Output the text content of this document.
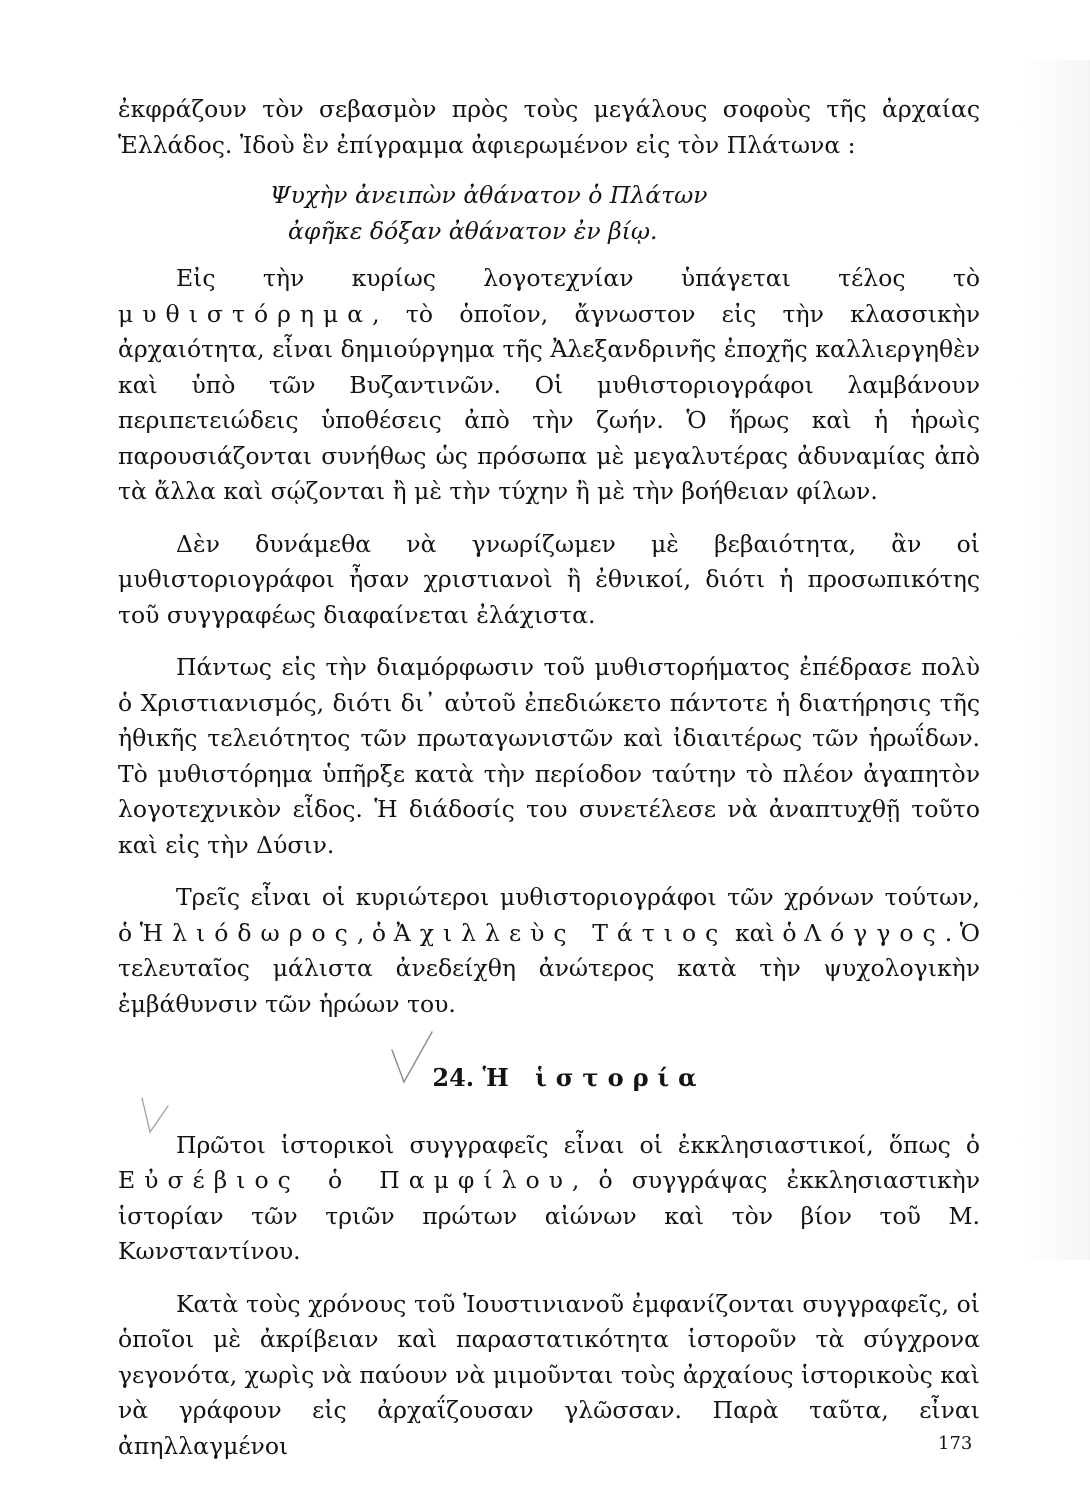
ἐκφράζουν τὸν σεβασμὸν πρὸς τοὺς μεγάλους σοφοὺς τῆς ἀρχαίας Ἑλλάδος. Ἰδοὺ ἓν ἐπίγραμμα ἀφιερωμένον εἰς τὸν Πλάτωνα :

Ψυχὴν ἀνειπὼν ἀθάνατον ὁ Πλάτων
ἀφῆκε δόξαν ἀθάνατον ἐν βίῳ.

Εἰς τὴν κυρίως λογοτεχνίαν ὑπάγεται τέλος τὸ μυθιστόρημα, τὸ ὁποῖον, ἄγνωστον εἰς τὴν κλασσικὴν ἀρχαιότητα, εἶναι δημιούργημα τῆς Ἀλεξανδρινῆς ἐποχῆς καλλιεργηθὲν καὶ ὑπὸ τῶν Βυζαντινῶν. Οἱ μυθιστοριογράφοι λαμβάνουν περιπετειώδεις ὑποθέσεις ἀπὸ τὴν ζωήν. Ὁ ἥρως καὶ ἡ ἡρωὶς παρουσιάζονται συνήθως ὡς πρόσωπα μὲ μεγαλυτέρας ἀδυναμίας ἀπὸ τὰ ἄλλα καὶ σῴζονται ἢ μὲ τὴν τύχην ἢ μὲ τὴν βοήθειαν φίλων.

Δὲν δυνάμεθα νὰ γνωρίζωμεν μὲ βεβαιότητα, ἂν οἱ μυθιστοριογράφοι ἦσαν χριστιανοὶ ἢ ἐθνικοί, διότι ἡ προσωπικότης τοῦ συγγραφέως διαφαίνεται ἐλάχιστα.

Πάντως εἰς τὴν διαμόρφωσιν τοῦ μυθιστορήματος ἐπέδρασε πολὺ ὁ Χριστιανισμός, διότι δι᾽ αὐτοῦ ἐπεδιώκετο πάντοτε ἡ διατήρησις τῆς ἠθικῆς τελειότητος τῶν πρωταγωνιστῶν καὶ ἰδιαιτέρως τῶν ἡρωΐδων. Τὸ μυθιστόρημα ὑπῆρξε κατὰ τὴν περίοδον ταύτην τὸ πλέον ἀγαπητὸν λογοτεχνικὸν εἶδος. Ἡ διάδοσίς του συνετέλεσε νὰ ἀναπτυχθῇ τοῦτο καὶ εἰς τὴν Δύσιν.

Τρεῖς εἶναι οἱ κυριώτεροι μυθιστοριογράφοι τῶν χρόνων τούτων, ὁ Ἡλιόδωρος, ὁ Ἀχιλλεὺς Τάτιος καὶ ὁ Λόγγος. Ὁ τελευταῖος μάλιστα ἀνεδείχθη ἀνώτερος κατὰ τὴν ψυχολογικὴν ἐμβάθυνσιν τῶν ἡρώων του.

24. Ἡ ἱστορία

Πρῶτοι ἱστορικοὶ συγγραφεῖς εἶναι οἱ ἐκκλησιαστικοί, ὅπως ὁ Εὐσέβιος ὁ Παμφίλου, ὁ συγγράψας ἐκκλησιαστικὴν ἱστορίαν τῶν τριῶν πρώτων αἰώνων καὶ τὸν βίον τοῦ Μ. Κωνσταντίνου.

Κατὰ τοὺς χρόνους τοῦ Ἰουστινιανοῦ ἐμφανίζονται συγγραφεῖς, οἱ ὁποῖοι μὲ ἀκρίβειαν καὶ παραστατικότητα ἱστοροῦν τὰ σύγχρονα γεγονότα, χωρὶς νὰ παύουν νὰ μιμοῦνται τοὺς ἀρχαίους ἱστορικοὺς καὶ νὰ γράφουν εἰς ἀρχαΐζουσαν γλῶσσαν. Παρὰ ταῦτα, εἶναι ἀπηλλαγμένοι	173
